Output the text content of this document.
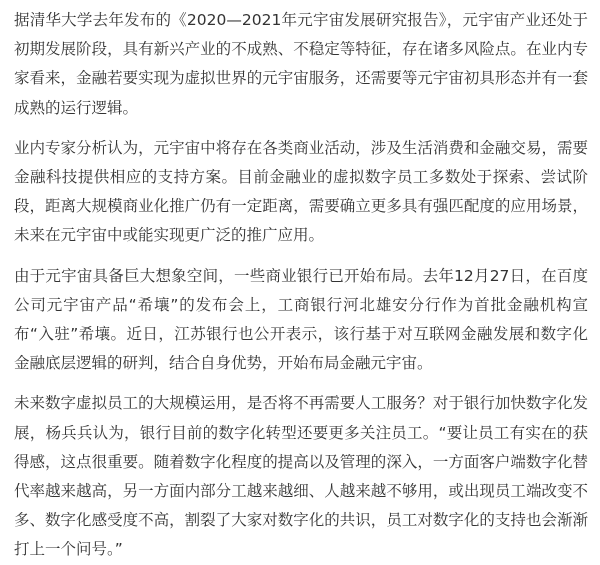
据清华大学去年发布的《2020—2021年元宇宙发展研究报告》，元宇宙产业还处于初期发展阶段，具有新兴产业的不成熟、不稳定等特征，存在诸多风险点。在业内专家看来，金融若要实现为虚拟世界的元宇宙服务，还需要等元宇宙初具形态并有一套成熟的运行逻辑。

业内专家分析认为，元宇宙中将存在各类商业活动，涉及生活消费和金融交易，需要金融科技提供相应的支持方案。目前金融业的虚拟数字员工多数处于探索、尝试阶段，距离大规模商业化推广仍有一定距离，需要确立更多具有强匹配度的应用场景，未来在元宇宙中或能实现更广泛的推广应用。

由于元宇宙具备巨大想象空间，一些商业银行已开始布局。去年12月27日，在百度公司元宇宙产品“希壤”的发布会上，工商银行河北雄安分行作为首批金融机构宣布“入驻”希壤。近日，江苏银行也公开表示，该行基于对互联网金融发展和数字化金融底层逻辑的研判，结合自身优势，开始布局金融元宇宙。

未来数字虚拟员工的大规模运用，是否将不再需要人工服务？对于银行加快数字化发展，杨兵兵认为，银行目前的数字化转型还要更多关注员工。“要让员工有实在的获得感，这点很重要。随着数字化程度的提高以及管理的深入，一方面客户端数字化替代率越来越高，另一方面内部分工越来越细、人越来越不够用，或出现员工端改变不多、数字化感受度不高，割裂了大家对数字化的共识，员工对数字化的支持也会渐渐打上一个问号。”
